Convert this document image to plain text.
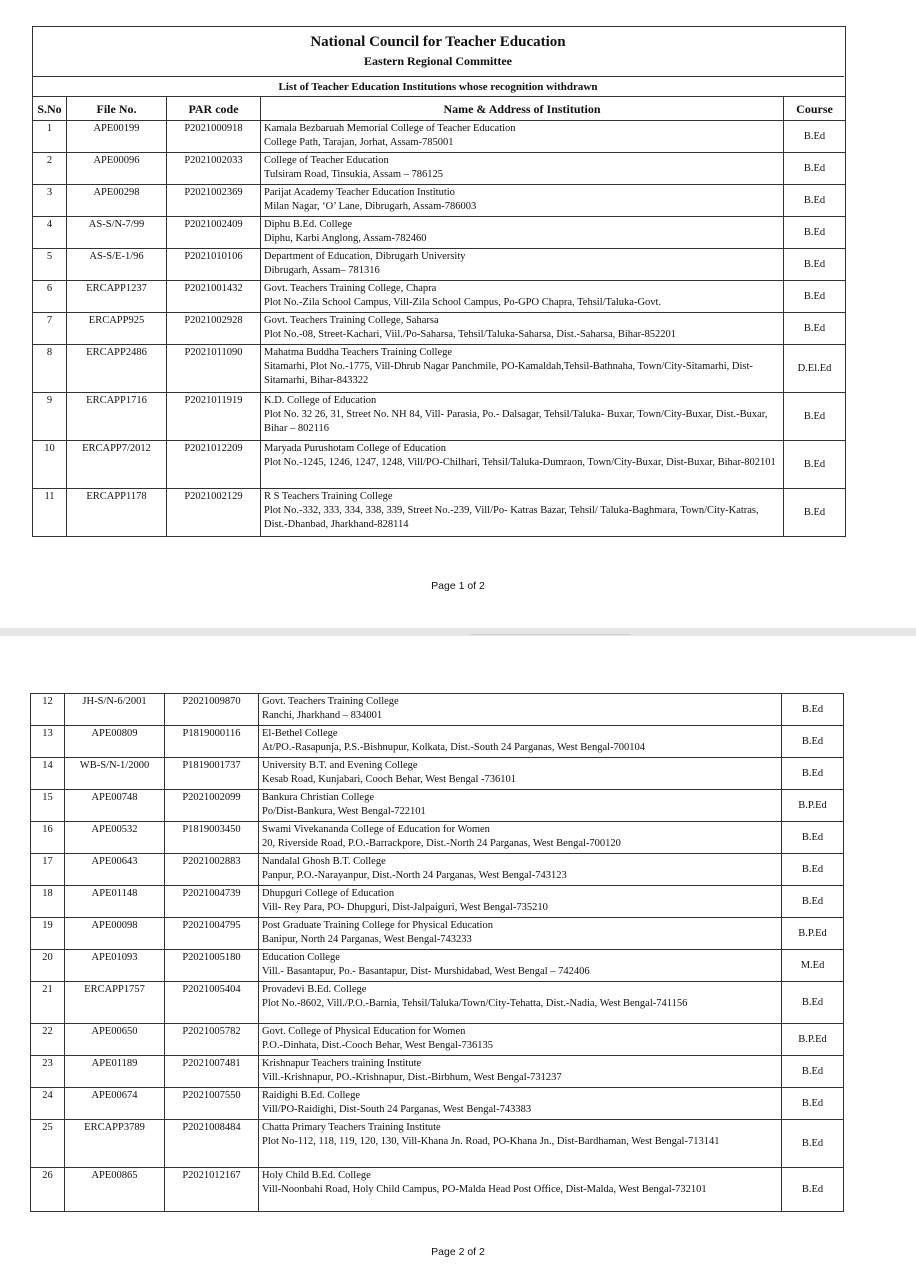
National Council for Teacher Education
Eastern Regional Committee
List of Teacher Education Institutions whose recognition withdrawn
S.No	File No.	PAR code	Name & Address of Institution	Course
1	APE00199	P2021000918	Kamala Bezbaruah Memorial College of Teacher Education
College Path, Tarajan, Jorhat, Assam-785001	B.Ed
2	APE00096	P2021002033	College of Teacher Education
Tulsiram Road, Tinsukia, Assam – 786125	B.Ed
3	APE00298	P2021002369	Parijat Academy Teacher Education Institutio
Milan Nagar, ‘O’ Lane, Dibrugarh, Assam-786003	B.Ed
4	AS-S/N-7/99	P2021002409	Diphu B.Ed. College
Diphu, Karbi Anglong, Assam-782460	B.Ed
5	AS-S/E-1/96	P2021010106	Department of Education, Dibrugarh University
Dibrugarh, Assam– 781316	B.Ed
6	ERCAPP1237	P2021001432	Govt. Teachers Training College, Chapra
Plot No.-Zila School Campus, Vill-Zila School Campus, Po-GPO Chapra, Tehsil/Taluka-Govt.	B.Ed
7	ERCAPP925	P2021002928	Govt. Teachers Training College, Saharsa
Plot No.-08, Street-Kachari, Viil./Po-Saharsa, Tehsil/Taluka-Saharsa, Dist.-Saharsa, Bihar-852201	B.Ed
8	ERCAPP2486	P2021011090	Mahatma Buddha Teachers Training College
Sitamarhi, Plot No.-1775, Vill-Dhrub Nagar Panchmile, PO-Kamaldah,Tehsil-Bathnaha, Town/City-Sitamarhi, Dist-Sitamarhi, Bihar-843322	D.El.Ed
9	ERCAPP1716	P2021011919	K.D. College of Education
Plot No. 32 26, 31, Street No. NH 84, Vill- Parasia, Po.- Dalsagar, Tehsil/Taluka- Buxar, Town/City-Buxar, Dist.-Buxar, Bihar – 802116	B.Ed
10	ERCAPP7/2012	P2021012209	Maryada Purushotam College of Education
Plot No.-1245, 1246, 1247, 1248, Vill/PO-Chilhari, Tehsil/Taluka-Dumraon, Town/City-Buxar, Dist-Buxar, Bihar-802101	B.Ed
11	ERCAPP1178	P2021002129	R S Teachers Training College
Plot No.-332, 333, 334, 338, 339, Street No.-239, Vill/Po- Katras Bazar, Tehsil/ Taluka-Baghmara, Town/City-Katras, Dist.-Dhanbad, Jharkhand-828114	B.Ed
Page 1 of 2
12	JH-S/N-6/2001	P2021009870	Govt. Teachers Training College
Ranchi, Jharkhand – 834001	B.Ed
13	APE00809	P1819000116	El-Bethel College
At/PO.-Rasapunja, P.S.-Bishnupur, Kolkata, Dist.-South 24 Parganas, West Bengal-700104	B.Ed
14	WB-S/N-1/2000	P1819001737	University B.T. and Evening College
Kesab Road, Kunjabari, Cooch Behar, West Bengal -736101	B.Ed
15	APE00748	P2021002099	Bankura Christian College
Po/Dist-Bankura, West Bengal-722101	B.P.Ed
16	APE00532	P1819003450	Swami Vivekananda College of Education for Women
20, Riverside Road, P.O.-Barrackpore, Dist.-North 24 Parganas, West Bengal-700120	B.Ed
17	APE00643	P2021002883	Nandalal Ghosh B.T. College
Panpur, P.O.-Narayanpur, Dist.-North 24 Parganas, West Bengal-743123	B.Ed
18	APE01148	P2021004739	Dhupguri College of Education
Vill- Rey Para, PO- Dhupguri, Dist-Jalpaiguri, West Bengal-735210	B.Ed
19	APE00098	P2021004795	Post Graduate Training College for Physical Education
Banipur, North 24 Parganas, West Bengal-743233	B.P.Ed
20	APE01093	P2021005180	Education College
Vill.- Basantapur, Po.- Basantapur, Dist- Murshidabad, West Bengal – 742406	M.Ed
21	ERCAPP1757	P2021005404	Provadevi B.Ed. College
Plot No.-8602, Vill./P.O.-Barnia, Tehsil/Taluka/Town/City-Tehatta, Dist.-Nadia, West Bengal-741156	B.Ed
22	APE00650	P2021005782	Govt. College of Physical Education for Women
P.O.-Dinhata, Dist.-Cooch Behar, West Bengal-736135	B.P.Ed
23	APE01189	P2021007481	Krishnapur Teachers training Institute
Vill.-Krishnapur, PO.-Krishnapur, Dist.-Birbhum, West Bengal-731237	B.Ed
24	APE00674	P2021007550	Raidighi B.Ed. College
Vill/PO-Raidighi, Dist-South 24 Parganas, West Bengal-743383	B.Ed
25	ERCAPP3789	P2021008484	Chatta Primary Teachers Training Institute
Plot No-112, 118, 119, 120, 130, Vill-Khana Jn. Road, PO-Khana Jn., Dist-Bardhaman, West Bengal-713141	B.Ed
26	APE00865	P2021012167	Holy Child B.Ed. College
Vill-Noonbahi Road, Holy Child Campus, PO-Malda Head Post Office, Dist-Malda, West Bengal-732101	B.Ed
Page 2 of 2
